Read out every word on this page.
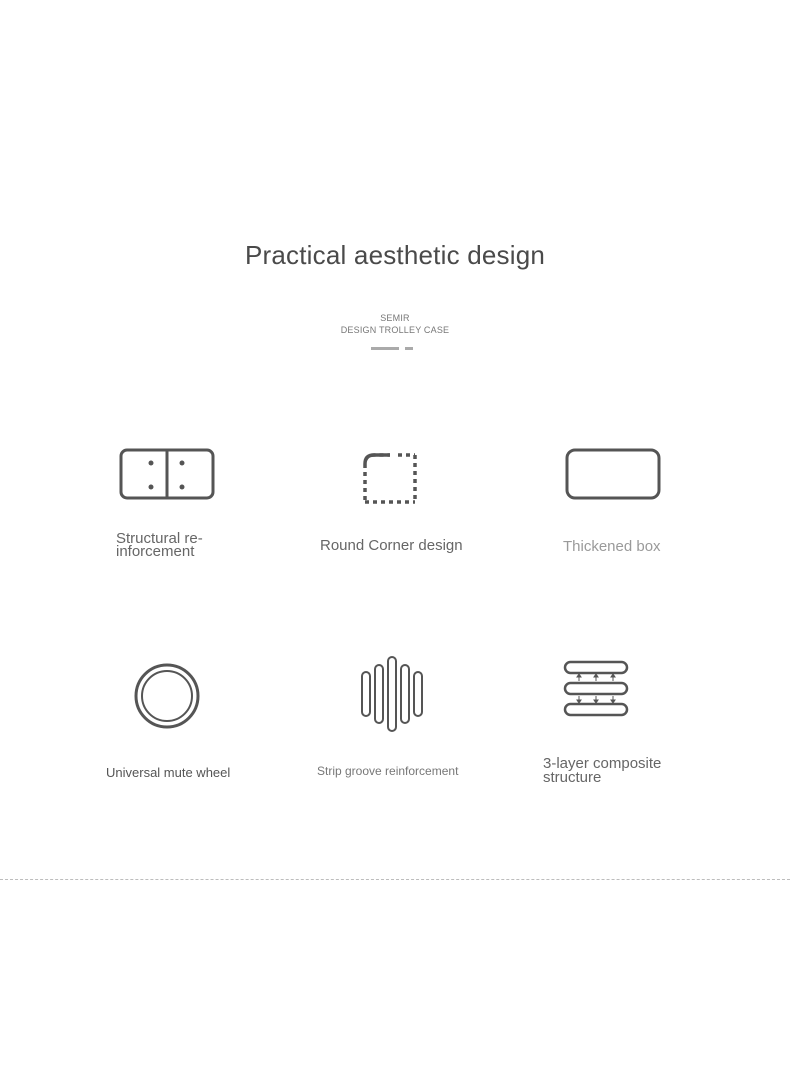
Practical aesthetic design
SEMIR
DESIGN TROLLEY CASE
Structural re-
inforcement	Round Corner design	Thickened box
Universal mute wheel	Strip groove reinforcement	3-layer composite
structure
